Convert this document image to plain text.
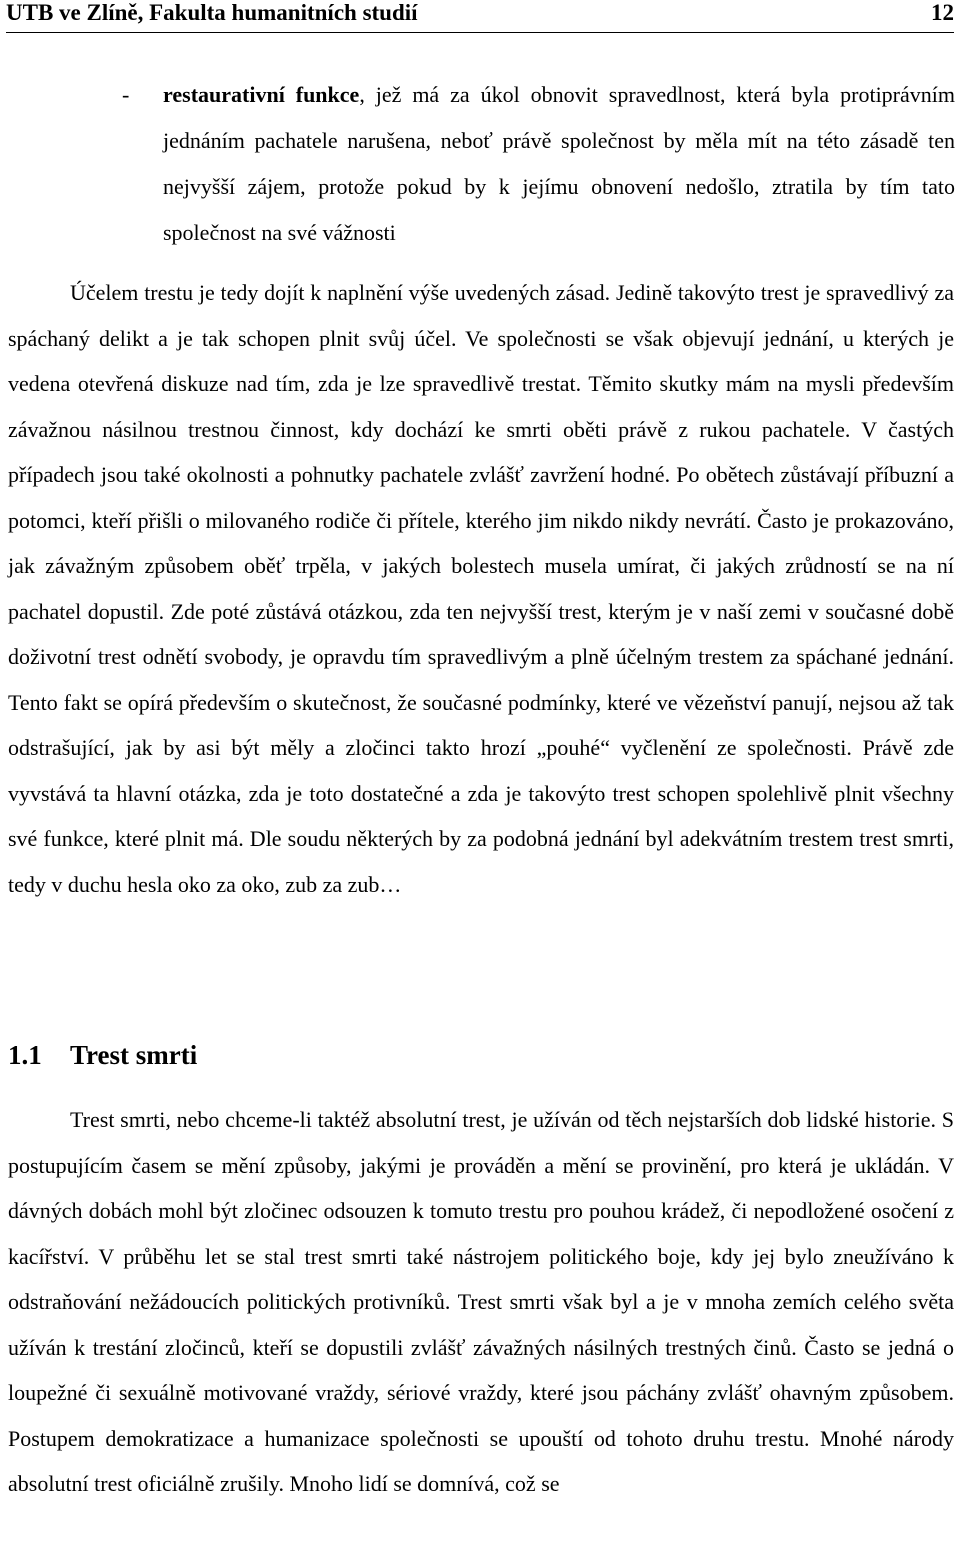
UTB ve Zlíně, Fakulta humanitních studií	12
- restaurativní funkce, jež má za úkol obnovit spravedlnost, která byla protiprávním jednáním pachatele narušena, neboť právě společnost by měla mít na této zásadě ten nejvyšší zájem, protože pokud by k jejímu obnovení nedošlo, ztratila by tím tato společnost na své vážnosti

Účelem trestu je tedy dojít k naplnění výše uvedených zásad. Jedině takovýto trest je spravedlivý za spáchaný delikt a je tak schopen plnit svůj účel. Ve společnosti se však objevují jednání, u kterých je vedena otevřená diskuze nad tím, zda je lze spravedlivě trestat. Těmito skutky mám na mysli především závažnou násilnou trestnou činnost, kdy dochází ke smrti oběti právě z rukou pachatele. V častých případech jsou také okolnosti a pohnutky pachatele zvlášť zavržení hodné. Po obětech zůstávají příbuzní a potomci, kteří přišli o milovaného rodiče či přítele, kterého jim nikdo nikdy nevrátí. Často je prokazováno, jak závažným způsobem oběť trpěla, v jakých bolestech musela umírat, či jakých zrůdností se na ní pachatel dopustil. Zde poté zůstává otázkou, zda ten nejvyšší trest, kterým je v naší zemi v současné době doživotní trest odnětí svobody, je opravdu tím spravedlivým a plně účelným trestem za spáchané jednání. Tento fakt se opírá především o skutečnost, že současné podmínky, které ve vězeňství panují, nejsou až tak odstrašující, jak by asi být měly a zločinci takto hrozí „pouhé“ vyčlenění ze společnosti. Právě zde vyvstává ta hlavní otázka, zda je toto dostatečné a zda je takovýto trest schopen spolehlivě plnit všechny své funkce, které plnit má. Dle soudu některých by za podobná jednání byl adekvátním trestem trest smrti, tedy v duchu hesla oko za oko, zub za zub…

1.1 Trest smrti

Trest smrti, nebo chceme-li taktéž absolutní trest, je užíván od těch nejstarších dob lidské historie. S postupujícím časem se mění způsoby, jakými je prováděn a mění se provinění, pro která je ukládán. V dávných dobách mohl být zločinec odsouzen k tomuto trestu pro pouhou krádež, či nepodložené osočení z kacířství. V průběhu let se stal trest smrti také nástrojem politického boje, kdy jej bylo zneužíváno k odstraňování nežádoucích politických protivníků. Trest smrti však byl a je v mnoha zemích celého světa užíván k trestání zločinců, kteří se dopustili zvlášť závažných násilných trestných činů. Často se jedná o loupežné či sexuálně motivované vraždy, sériové vraždy, které jsou páchány zvlášť ohavným způsobem. Postupem demokratizace a humanizace společnosti se upouští od tohoto druhu trestu. Mnohé národy absolutní trest oficiálně zrušily. Mnoho lidí se domnívá, což se
